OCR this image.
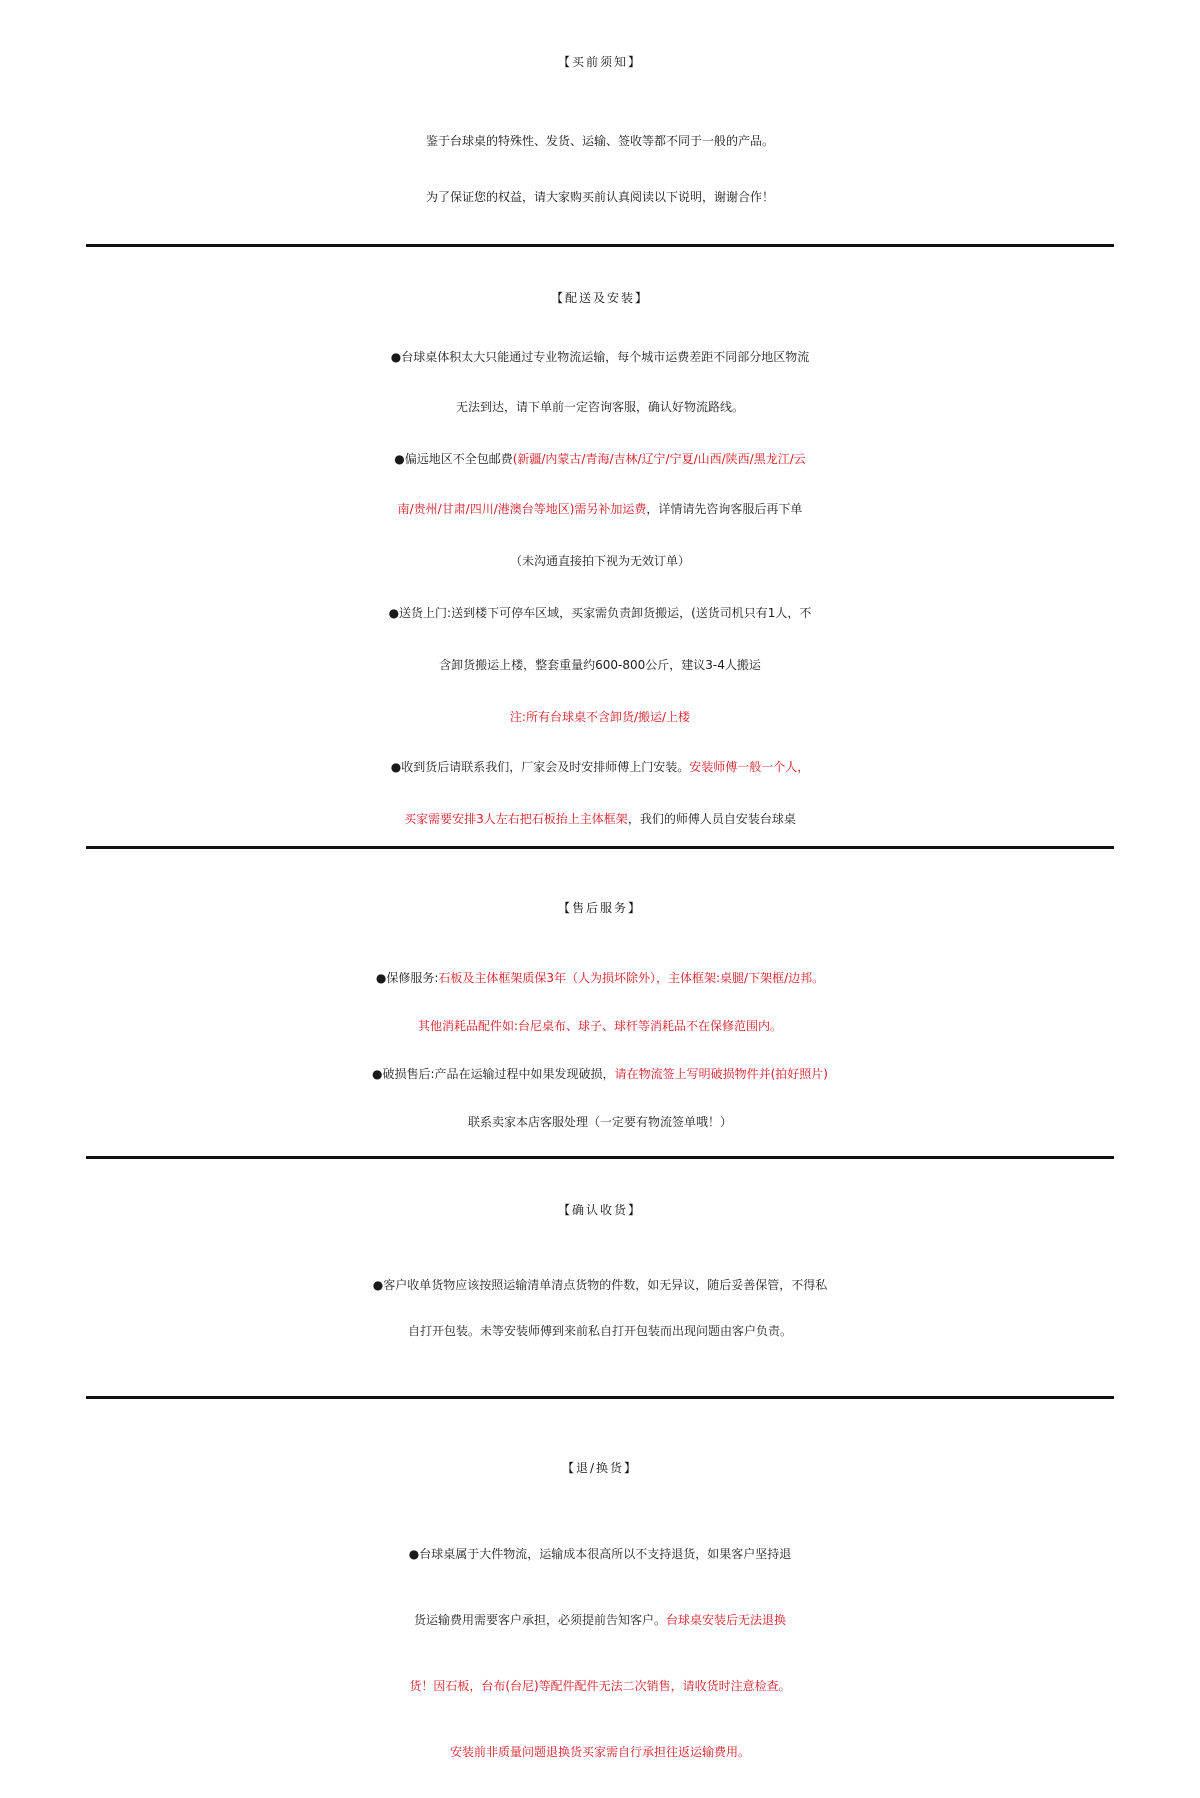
【买前须知】
鉴于台球桌的特殊性、发货、运输、签收等都不同于一般的产品。
为了保证您的权益，请大家购买前认真阅读以下说明，谢谢合作！
【配送及安装】
●台球桌体积太大只能通过专业物流运输，每个城市运费差距不同部分地区物流
无法到达，请下单前一定咨询客服，确认好物流路线。
●偏远地区不全包邮费(新疆/内蒙古/青海/吉林/辽宁/宁夏/山西/陕西/黑龙江/云
南/贵州/甘肃/四川/港澳台等地区)需另补加运费，详情请先咨询客服后再下单
（未沟通直接拍下视为无效订单）
●送货上门:送到楼下可停车区域，买家需负责卸货搬运，(送货司机只有1人，不
含卸货搬运上楼，整套重量约600-800公斤，建议3-4人搬运
注:所有台球桌不含卸货/搬运/上楼
●收到货后请联系我们，厂家会及时安排师傅上门安装。安装师傅一般一个人，
买家需要安排3人左右把石板抬上主体框架，我们的师傅人员自安装台球桌
【售后服务】
●保修服务:石板及主体框架质保3年（人为损坏除外），主体框架:桌腿/下架框/边邦。
其他消耗品配件如:台尼桌布、球子、球杆等消耗品不在保修范围内。
●破损售后:产品在运输过程中如果发现破损，请在物流签上写明破损物件并(拍好照片)
联系卖家本店客服处理（一定要有物流签单哦！）
【确认收货】
●客户收单货物应该按照运输清单清点货物的件数，如无异议，随后妥善保管，不得私
自打开包装。未等安装师傅到来前私自打开包装而出现问题由客户负责。
【退/换货】
●台球桌属于大件物流，运输成本很高所以不支持退货，如果客户坚持退
货运输费用需要客户承担，必须提前告知客户。台球桌安装后无法退换
货！因石板，台布(台尼)等配件配件无法二次销售，请收货时注意检查。
安装前非质量问题退换货买家需自行承担往返运输费用。
